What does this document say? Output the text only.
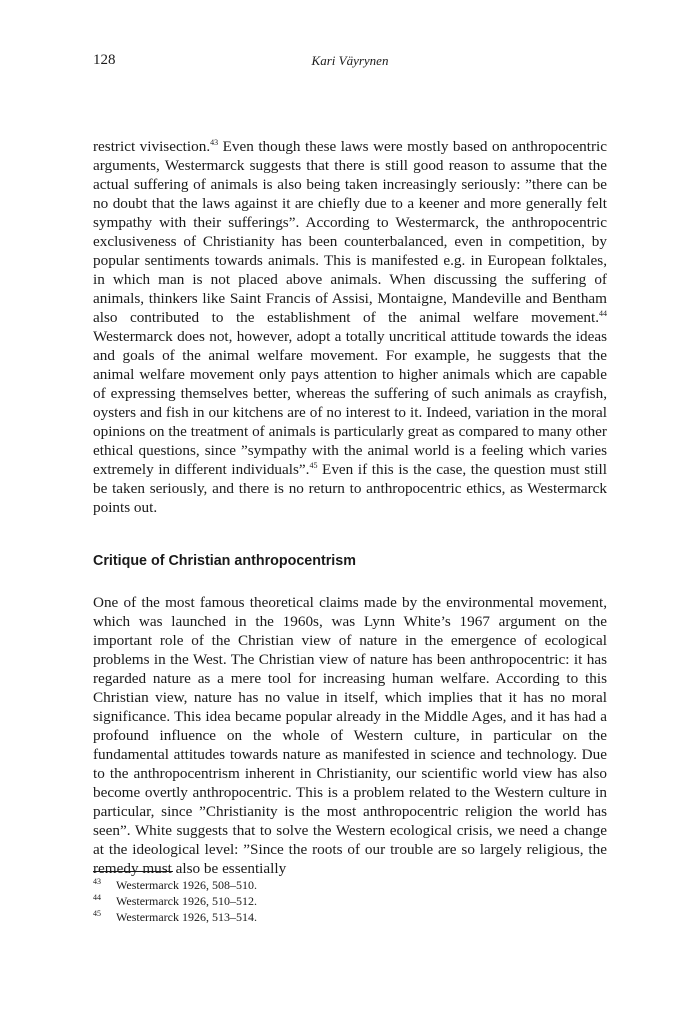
128	Kari Väyrynen

restrict vivisection.$^{43}$ Even though these laws were mostly based on anthropocentric arguments, Westermarck suggests that there is still good reason to assume that the actual suffering of animals is also being taken increasingly seriously: ”there can be no doubt that the laws against it are chiefly due to a keener and more generally felt sympathy with their sufferings”. According to Westermarck, the anthropocentric exclusiveness of Christianity has been counterbalanced, even in competition, by popular sentiments towards animals. This is manifested e.g. in European folktales, in which man is not placed above animals. When discussing the suffering of animals, thinkers like Saint Francis of Assisi, Montaigne, Mandeville and Bentham also contributed to the establishment of the animal welfare movement.$^{44}$ Westermarck does not, however, adopt a totally uncritical attitude towards the ideas and goals of the animal welfare movement. For example, he suggests that the animal welfare movement only pays attention to higher animals which are capable of expressing themselves better, whereas the suffering of such animals as crayfish, oysters and fish in our kitchens are of no interest to it. Indeed, variation in the moral opinions on the treatment of animals is particularly great as compared to many other ethical questions, since ”sympathy with the animal world is a feeling which varies extremely in different individuals”.$^{45}$ Even if this is the case, the question must still be taken seriously, and there is no return to anthropocentric ethics, as Westermarck points out.

Critique of Christian anthropocentrism

One of the most famous theoretical claims made by the environmental movement, which was launched in the 1960s, was Lynn White’s 1967 argument on the important role of the Christian view of nature in the emergence of ecological problems in the West. The Christian view of nature has been anthropocentric: it has regarded nature as a mere tool for increasing human welfare. According to this Christian view, nature has no value in itself, which implies that it has no moral significance. This idea became popular already in the Middle Ages, and it has had a profound influence on the whole of Western culture, in particular on the fundamental attitudes towards nature as manifested in science and technology. Due to the anthropocentrism inherent in Christianity, our scientific world view has also become overtly anthropocentric. This is a problem related to the Western culture in particular, since ”Christianity is the most anthropocentric religion the world has seen”. White suggests that to solve the Western ecological crisis, we need a change at the ideological level: ”Since the roots of our trouble are so largely religious, the remedy must also be essentially

43 Westermarck 1926, 508–510.
44 Westermarck 1926, 510–512.
45 Westermarck 1926, 513–514.
